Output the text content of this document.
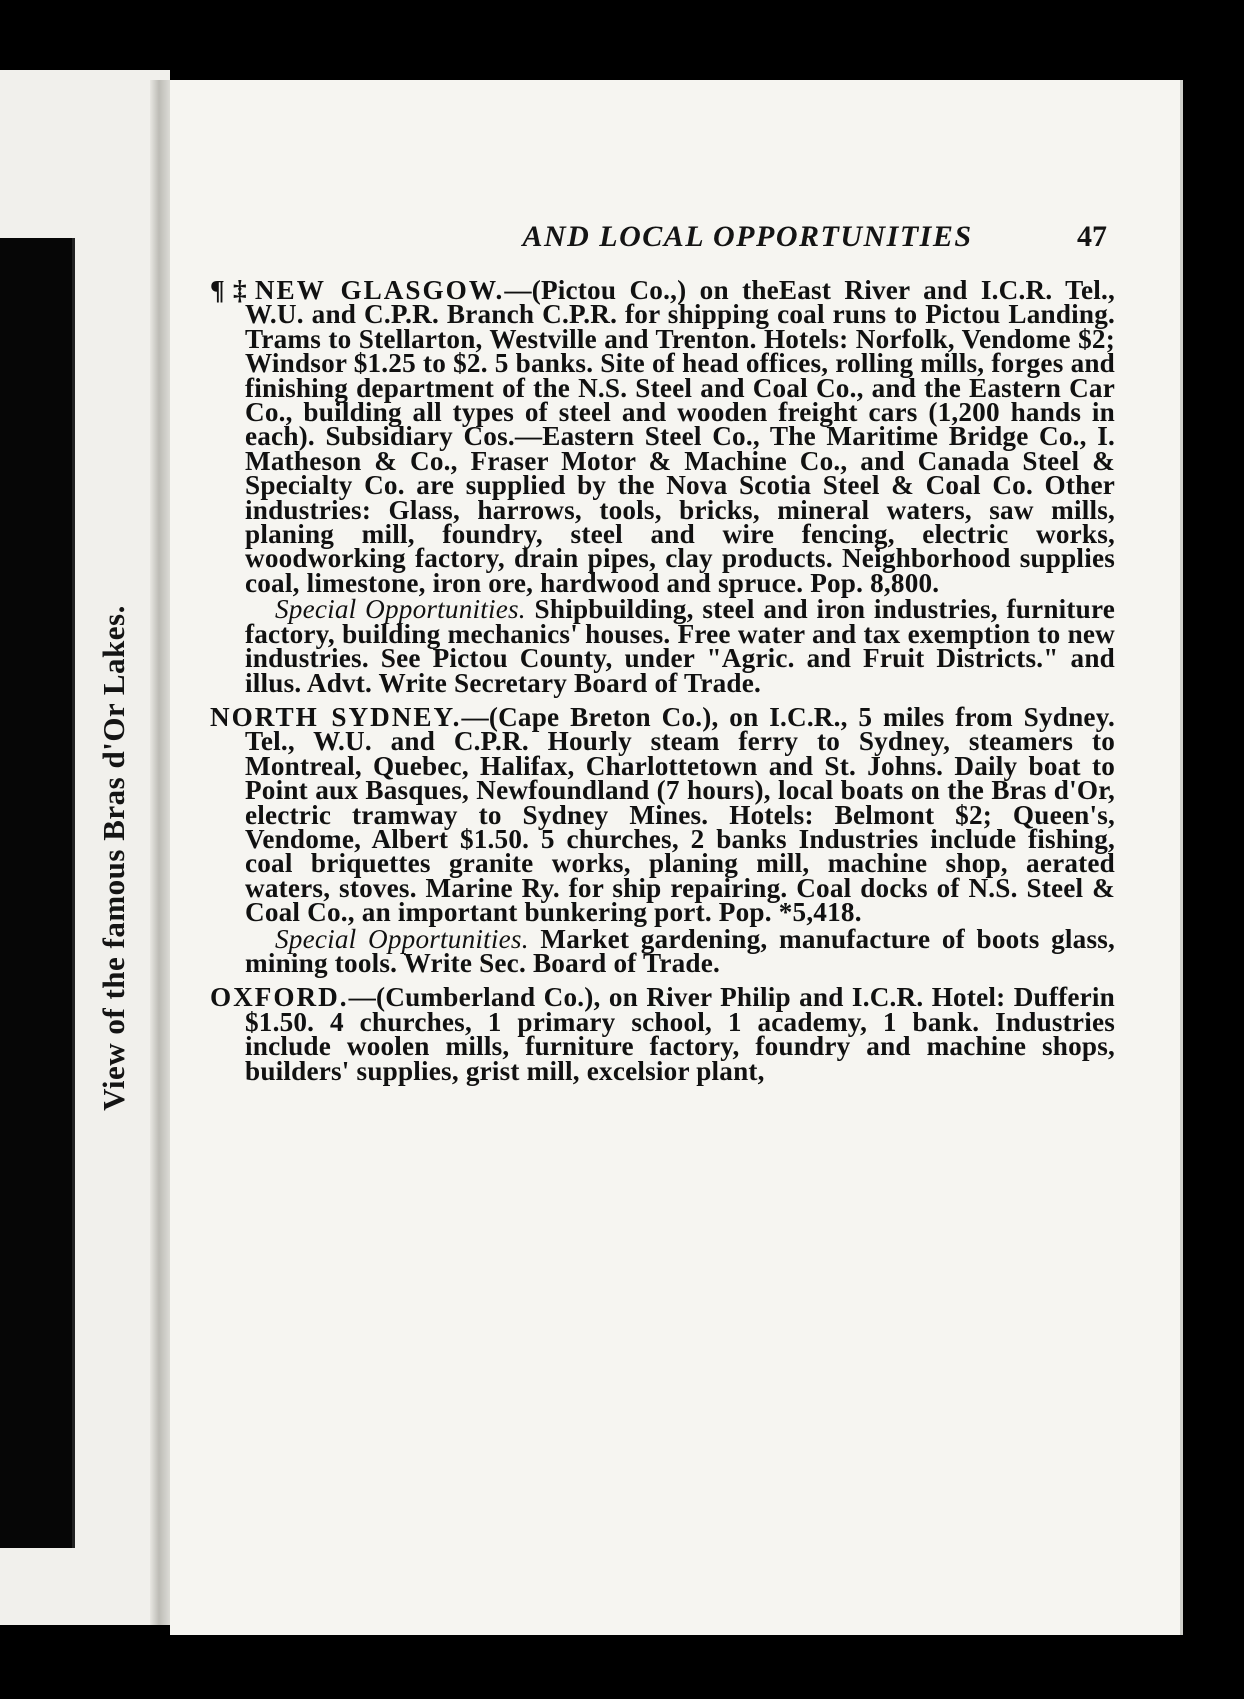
View of the famous Bras d'Or Lakes.
AND LOCAL OPPORTUNITIES	47

¶‡NEW GLASGOW.—(Pictou Co.,) on theEast River and I.C.R. Tel., W.U. and C.P.R. Branch C.P.R. for shipping coal runs to Pictou Landing. Trams to Stellarton, Westville and Trenton. Hotels: Norfolk, Vendome $2; Windsor $1.25 to $2. 5 banks. Site of head offices, rolling mills, forges and finishing department of the N.S. Steel and Coal Co., and the Eastern Car Co., building all types of steel and wooden freight cars (1,200 hands in each). Subsidiary Cos.—Eastern Steel Co., The Maritime Bridge Co., I. Matheson & Co., Fraser Motor & Machine Co., and Canada Steel & Specialty Co. are supplied by the Nova Scotia Steel & Coal Co. Other industries: Glass, harrows, tools, bricks, mineral waters, saw mills, planing mill, foundry, steel and wire fencing, electric works, woodworking factory, drain pipes, clay products. Neighborhood supplies coal, limestone, iron ore, hardwood and spruce. Pop. 8,800.

Special Opportunities. Shipbuilding, steel and iron industries, furniture factory, building mechanics' houses. Free water and tax exemption to new industries. See Pictou County, under "Agric. and Fruit Districts." and illus. Advt. Write Secretary Board of Trade.

NORTH SYDNEY.—(Cape Breton Co.), on I.C.R., 5 miles from Sydney. Tel., W.U. and C.P.R. Hourly steam ferry to Sydney, steamers to Montreal, Quebec, Halifax, Charlottetown and St. Johns. Daily boat to Point aux Basques, Newfoundland (7 hours), local boats on the Bras d'Or, electric tramway to Sydney Mines. Hotels: Belmont $2; Queen's, Vendome, Albert $1.50. 5 churches, 2 banks Industries include fishing, coal briquettes granite works, planing mill, machine shop, aerated waters, stoves. Marine Ry. for ship repairing. Coal docks of N.S. Steel & Coal Co., an important bunkering port. Pop. *5,418.

Special Opportunities. Market gardening, manufacture of boots glass, mining tools. Write Sec. Board of Trade.

OXFORD.—(Cumberland Co.), on River Philip and I.C.R. Hotel: Dufferin $1.50. 4 churches, 1 primary school, 1 academy, 1 bank. Industries include woolen mills, furniture factory, foundry and machine shops, builders' supplies, grist mill, excelsior plant,
